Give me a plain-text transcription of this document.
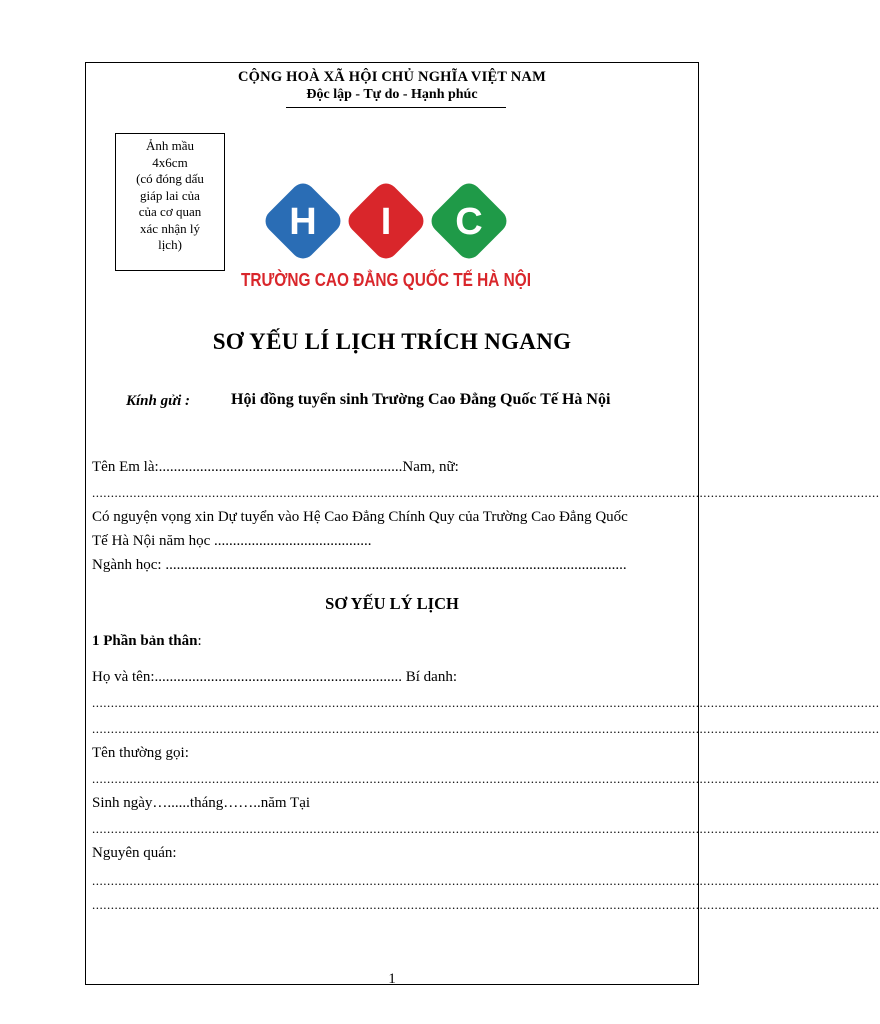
CỘNG HOÀ XÃ HỘI CHỦ NGHĨA VIỆT NAM
Độc lập - Tự do - Hạnh phúc
Ảnh mầu
4x6cm
(có đóng dấu
giáp lai của
của cơ quan
xác nhận lý
lịch)
H I C
TRƯỜNG CAO ĐẲNG QUỐC TẾ HÀ NỘI
SƠ YẾU LÍ LỊCH TRÍCH NGANG
Kính gửi :	Hội đồng tuyển sinh Trường Cao Đẳng Quốc Tế Hà Nội
Tên Em là:.................................................................Nam, nữ:
..................................................................................................................................................................................................................
Có nguyện vọng xin Dự tuyển vào Hệ Cao Đẳng Chính Quy của Trường Cao Đẳng Quốc
Tế Hà Nội năm học ..........................................
Ngành học: ...........................................................................................................................
SƠ YẾU LÝ LỊCH
1 Phần bản thân:
Họ và tên:.................................................................. Bí danh:
..................................................................................................................................................................................................................
..................................................................................................................................................................................................................
Tên thường gọi:
..................................................................................................................................................................................................................
Sinh ngày…......tháng……..năm Tại
..................................................................................................................................................................................................................
Nguyên quán:
..................................................................................................................................................................................................................
..................................................................................................................................................................................................................
1
